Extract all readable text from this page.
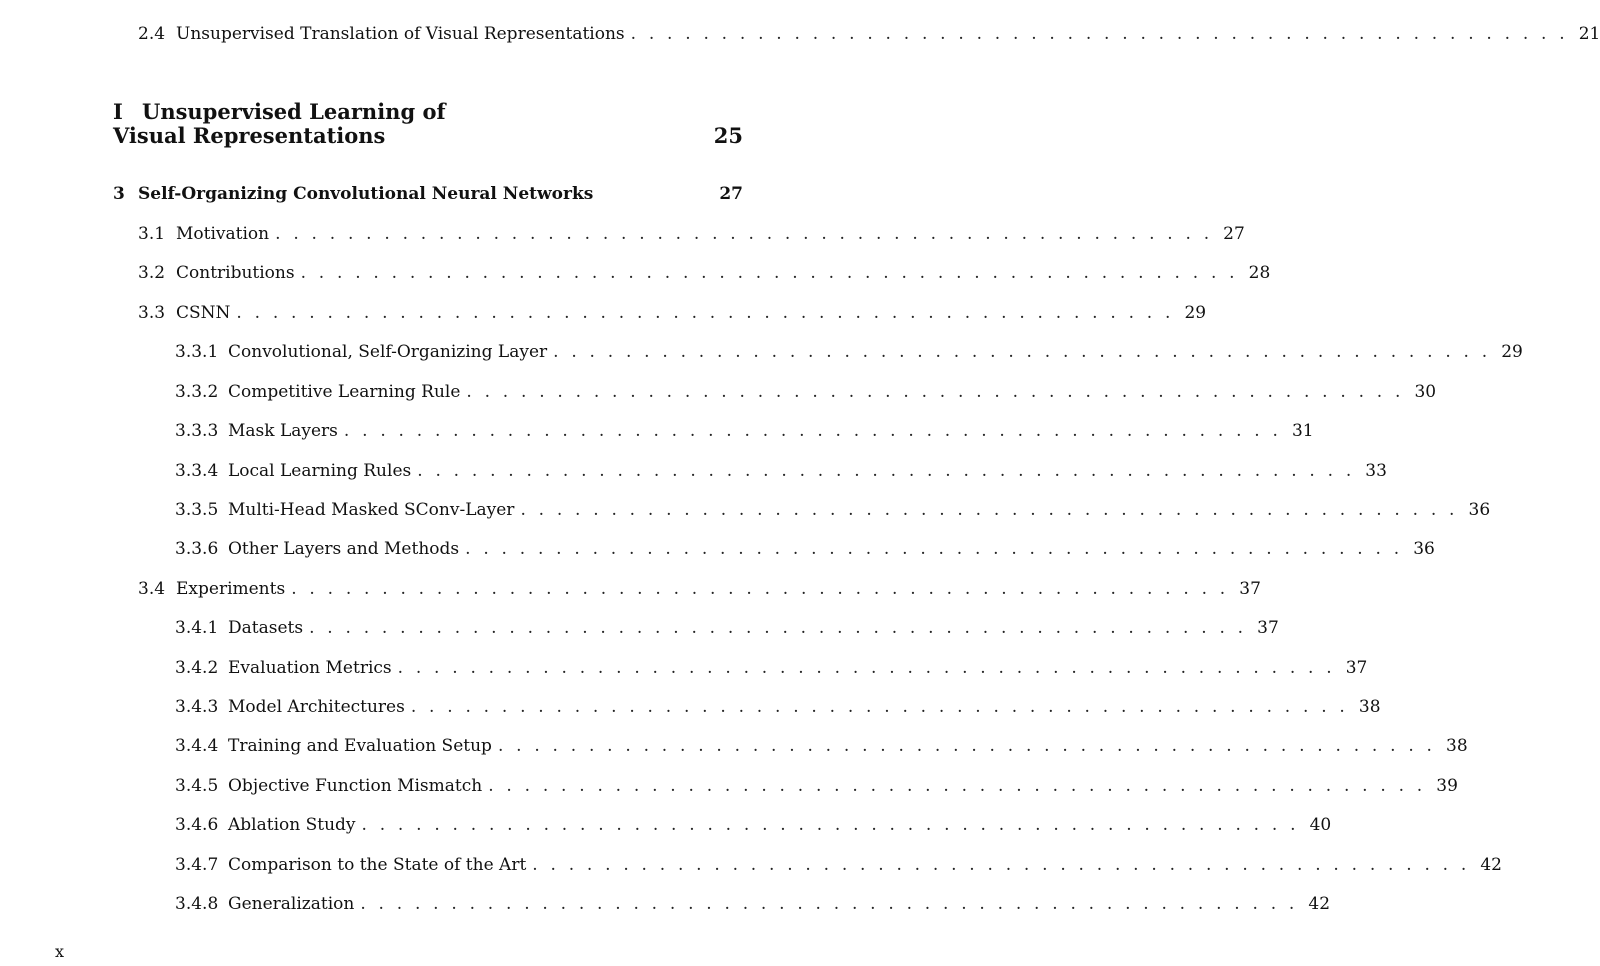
2.4 Unsupervised Translation of Visual Representations . . . . . . . . . . . . . . . . . . . . . . . . . . . . . . . . . . . . . . . . . . . . . . . . . . . . 21
I Unsupervised Learning of
Visual Representations	25
3 Self-Organizing Convolutional Neural Networks	27
3.1 Motivation . . . . . . . . . . . . . . . . . . . . . . . . . . . . . . . . . . . . . . . . . . . . . . . . . . . . 27
3.2 Contributions . . . . . . . . . . . . . . . . . . . . . . . . . . . . . . . . . . . . . . . . . . . . . . . . . . . . 28
3.3 CSNN . . . . . . . . . . . . . . . . . . . . . . . . . . . . . . . . . . . . . . . . . . . . . . . . . . . . 29
3.3.1 Convolutional, Self-Organizing Layer . . . . . . . . . . . . . . . . . . . . . . . . . . . . . . . . . . . . . . . . . . . . . . . . . . . . 29
3.3.2 Competitive Learning Rule . . . . . . . . . . . . . . . . . . . . . . . . . . . . . . . . . . . . . . . . . . . . . . . . . . . . 30
3.3.3 Mask Layers . . . . . . . . . . . . . . . . . . . . . . . . . . . . . . . . . . . . . . . . . . . . . . . . . . . . 31
3.3.4 Local Learning Rules . . . . . . . . . . . . . . . . . . . . . . . . . . . . . . . . . . . . . . . . . . . . . . . . . . . . 33
3.3.5 Multi-Head Masked SConv-Layer . . . . . . . . . . . . . . . . . . . . . . . . . . . . . . . . . . . . . . . . . . . . . . . . . . . . 36
3.3.6 Other Layers and Methods . . . . . . . . . . . . . . . . . . . . . . . . . . . . . . . . . . . . . . . . . . . . . . . . . . . . 36
3.4 Experiments . . . . . . . . . . . . . . . . . . . . . . . . . . . . . . . . . . . . . . . . . . . . . . . . . . . . 37
3.4.1 Datasets . . . . . . . . . . . . . . . . . . . . . . . . . . . . . . . . . . . . . . . . . . . . . . . . . . . . 37
3.4.2 Evaluation Metrics . . . . . . . . . . . . . . . . . . . . . . . . . . . . . . . . . . . . . . . . . . . . . . . . . . . . 37
3.4.3 Model Architectures . . . . . . . . . . . . . . . . . . . . . . . . . . . . . . . . . . . . . . . . . . . . . . . . . . . . 38
3.4.4 Training and Evaluation Setup . . . . . . . . . . . . . . . . . . . . . . . . . . . . . . . . . . . . . . . . . . . . . . . . . . . . 38
3.4.5 Objective Function Mismatch . . . . . . . . . . . . . . . . . . . . . . . . . . . . . . . . . . . . . . . . . . . . . . . . . . . . 39
3.4.6 Ablation Study . . . . . . . . . . . . . . . . . . . . . . . . . . . . . . . . . . . . . . . . . . . . . . . . . . . . 40
3.4.7 Comparison to the State of the Art . . . . . . . . . . . . . . . . . . . . . . . . . . . . . . . . . . . . . . . . . . . . . . . . . . . . 42
3.4.8 Generalization . . . . . . . . . . . . . . . . . . . . . . . . . . . . . . . . . . . . . . . . . . . . . . . . . . . . 42
x
